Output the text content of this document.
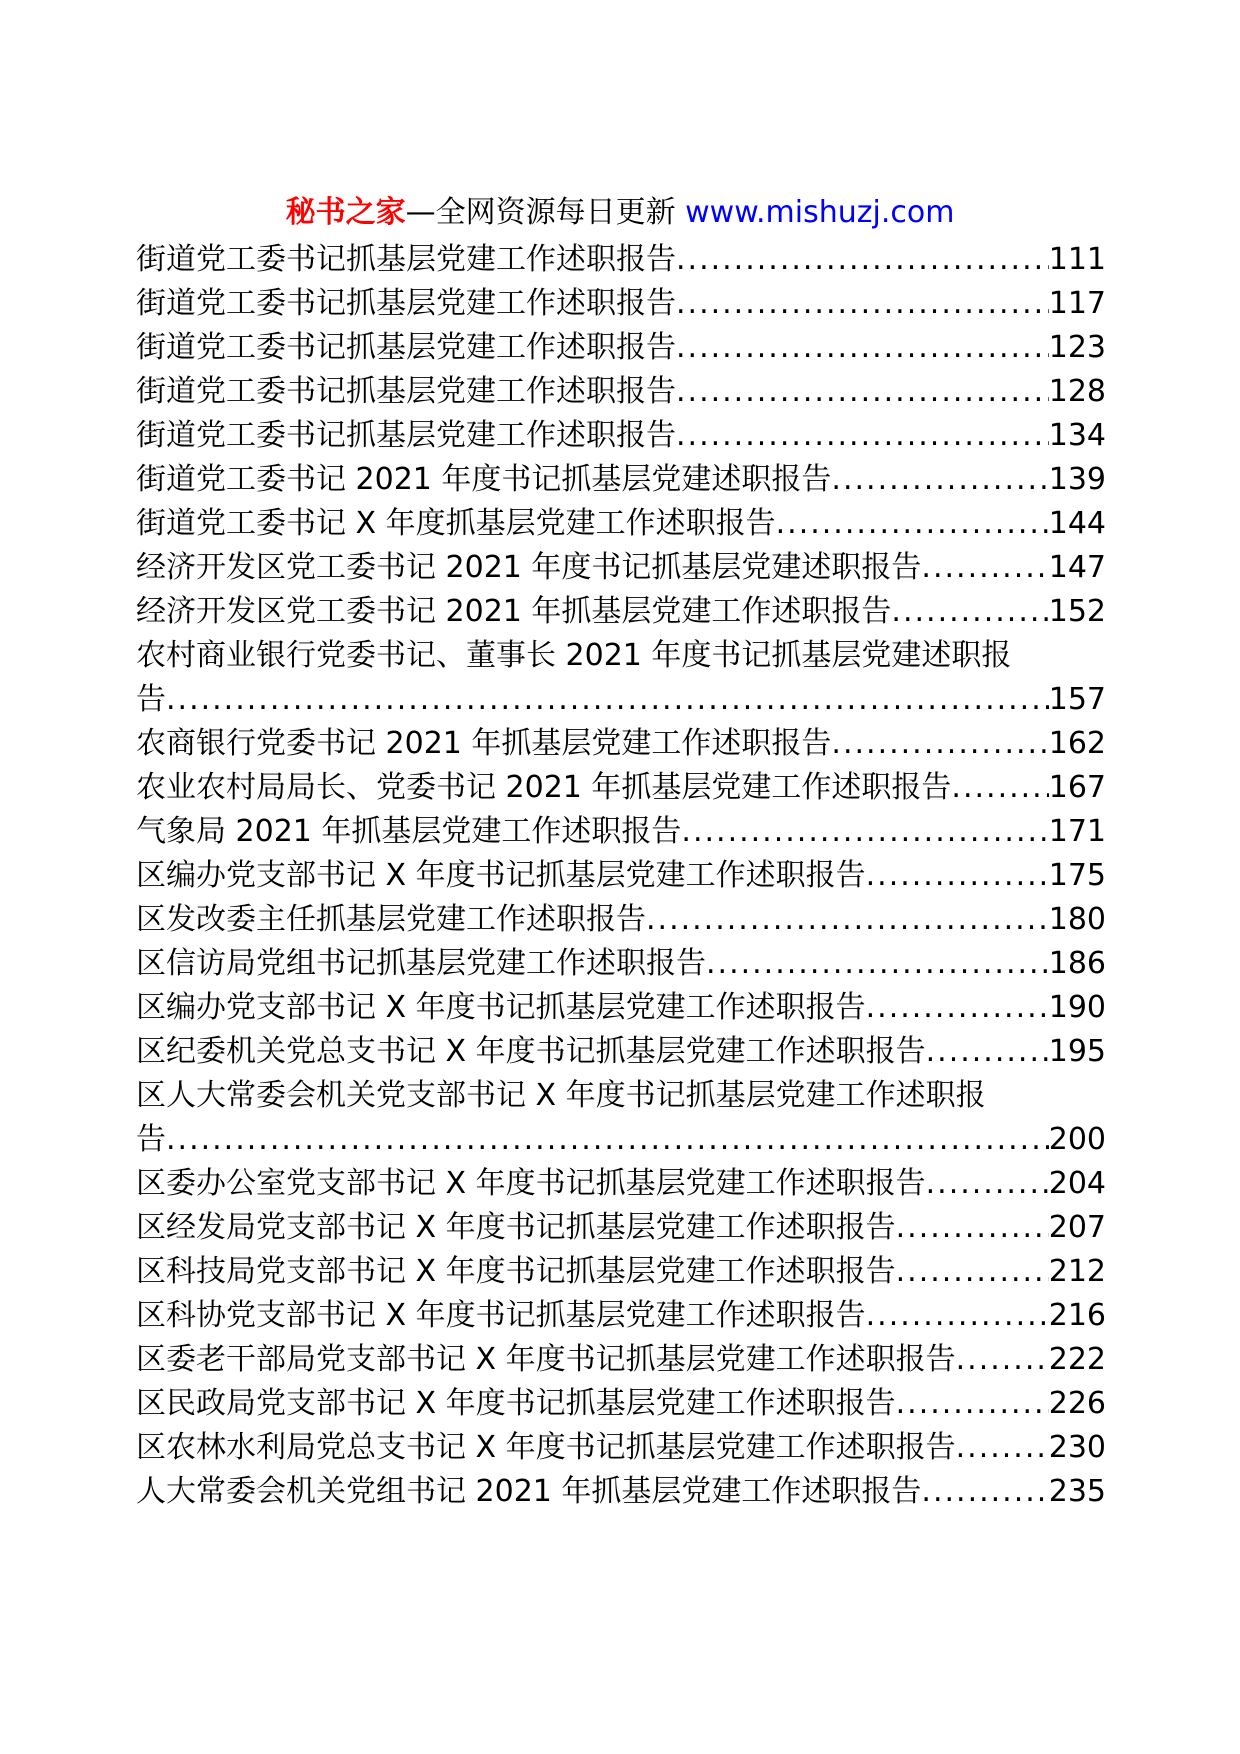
秘书之家—全网资源每日更新 www.mishuzj.com
街道党工委书记抓基层党建工作述职报告 .....	111
街道党工委书记抓基层党建工作述职报告 .....	117
街道党工委书记抓基层党建工作述职报告 .....	123
街道党工委书记抓基层党建工作述职报告 .....	128
街道党工委书记抓基层党建工作述职报告 .....	134
街道党工委书记 2021 年度书记抓基层党建述职报告 .....	139
街道党工委书记 X 年度抓基层党建工作述职报告 .....	144
经济开发区党工委书记 2021 年度书记抓基层党建述职报告 .....	147
经济开发区党工委书记 2021 年抓基层党建工作述职报告 .....	152
农村商业银行党委书记、董事长 2021 年度书记抓基层党建述职报
告 .....	157
农商银行党委书记 2021 年抓基层党建工作述职报告 .....	162
农业农村局局长、党委书记 2021 年抓基层党建工作述职报告 .....	167
气象局 2021 年抓基层党建工作述职报告 .....	171
区编办党支部书记 X 年度书记抓基层党建工作述职报告 .....	175
区发改委主任抓基层党建工作述职报告 .....	180
区信访局党组书记抓基层党建工作述职报告 .....	186
区编办党支部书记 X 年度书记抓基层党建工作述职报告 .....	190
区纪委机关党总支书记 X 年度书记抓基层党建工作述职报告 .....	195
区人大常委会机关党支部书记 X 年度书记抓基层党建工作述职报
告 .....	200
区委办公室党支部书记 X 年度书记抓基层党建工作述职报告 .....	204
区经发局党支部书记 X 年度书记抓基层党建工作述职报告 .....	207
区科技局党支部书记 X 年度书记抓基层党建工作述职报告 .....	212
区科协党支部书记 X 年度书记抓基层党建工作述职报告 .....	216
区委老干部局党支部书记 X 年度书记抓基层党建工作述职报告 .....	222
区民政局党支部书记 X 年度书记抓基层党建工作述职报告 .....	226
区农林水利局党总支书记 X 年度书记抓基层党建工作述职报告 .....	230
人大常委会机关党组书记 2021 年抓基层党建工作述职报告 .....	235
